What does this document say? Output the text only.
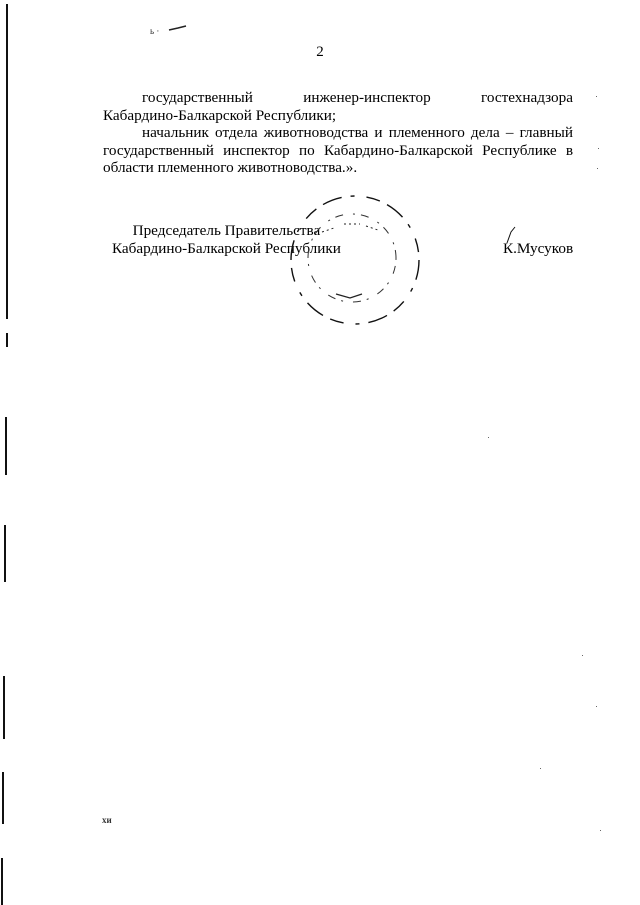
ь ·
2
государственный	инженер-инспектор	гостехнадзора

Кабардино-Балкарской Республики;

начальник отдела животноводства и племенного дела – главный государственный инспектор по Кабардино-Балкарской Республике в области племенного животноводства.».

Председатель Правительства
Кабардино-Балкарской Республики	К.Мусуков
хи
